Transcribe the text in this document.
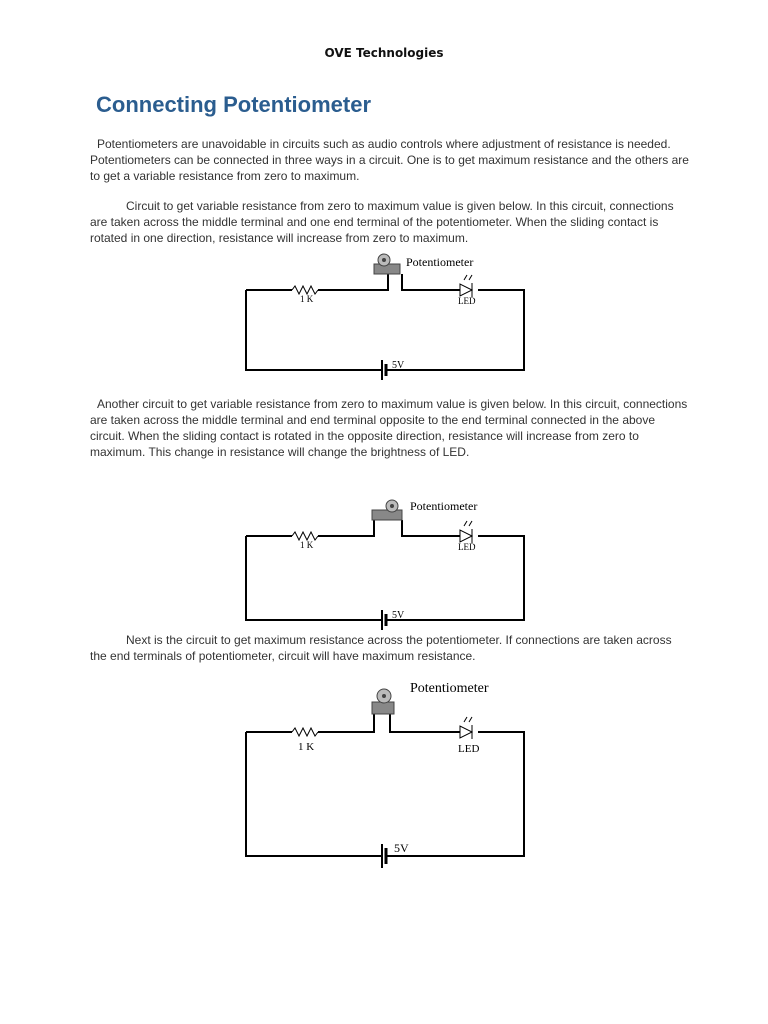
OVE Technologies
Connecting Potentiometer

Potentiometers are unavoidable in circuits such as audio controls where adjustment of resistance is needed. Potentiometers can be connected in three ways in a circuit. One is to get maximum resistance and the others are to get a variable resistance from zero to maximum.

Circuit to get variable resistance from zero to maximum value is given below. In this circuit, connections are taken across the middle terminal and one end terminal of the potentiometer. When the sliding contact is rotated in one direction, resistance will increase from zero to maximum.

Potentiometer
1 K	LED
5V

Another circuit to get variable resistance from zero to maximum value is given below. In this circuit, connections are taken across the middle terminal and end terminal opposite to the end terminal connected in the above circuit. When the sliding contact is rotated in the opposite direction, resistance will increase from zero to maximum. This change in resistance will change the brightness of LED.

Potentiometer
1 K	LED
5V

Next is the circuit to get maximum resistance across the potentiometer. If connections are taken across the end terminals of potentiometer, circuit will have maximum resistance.

Potentiometer
1 K	LED
5V
